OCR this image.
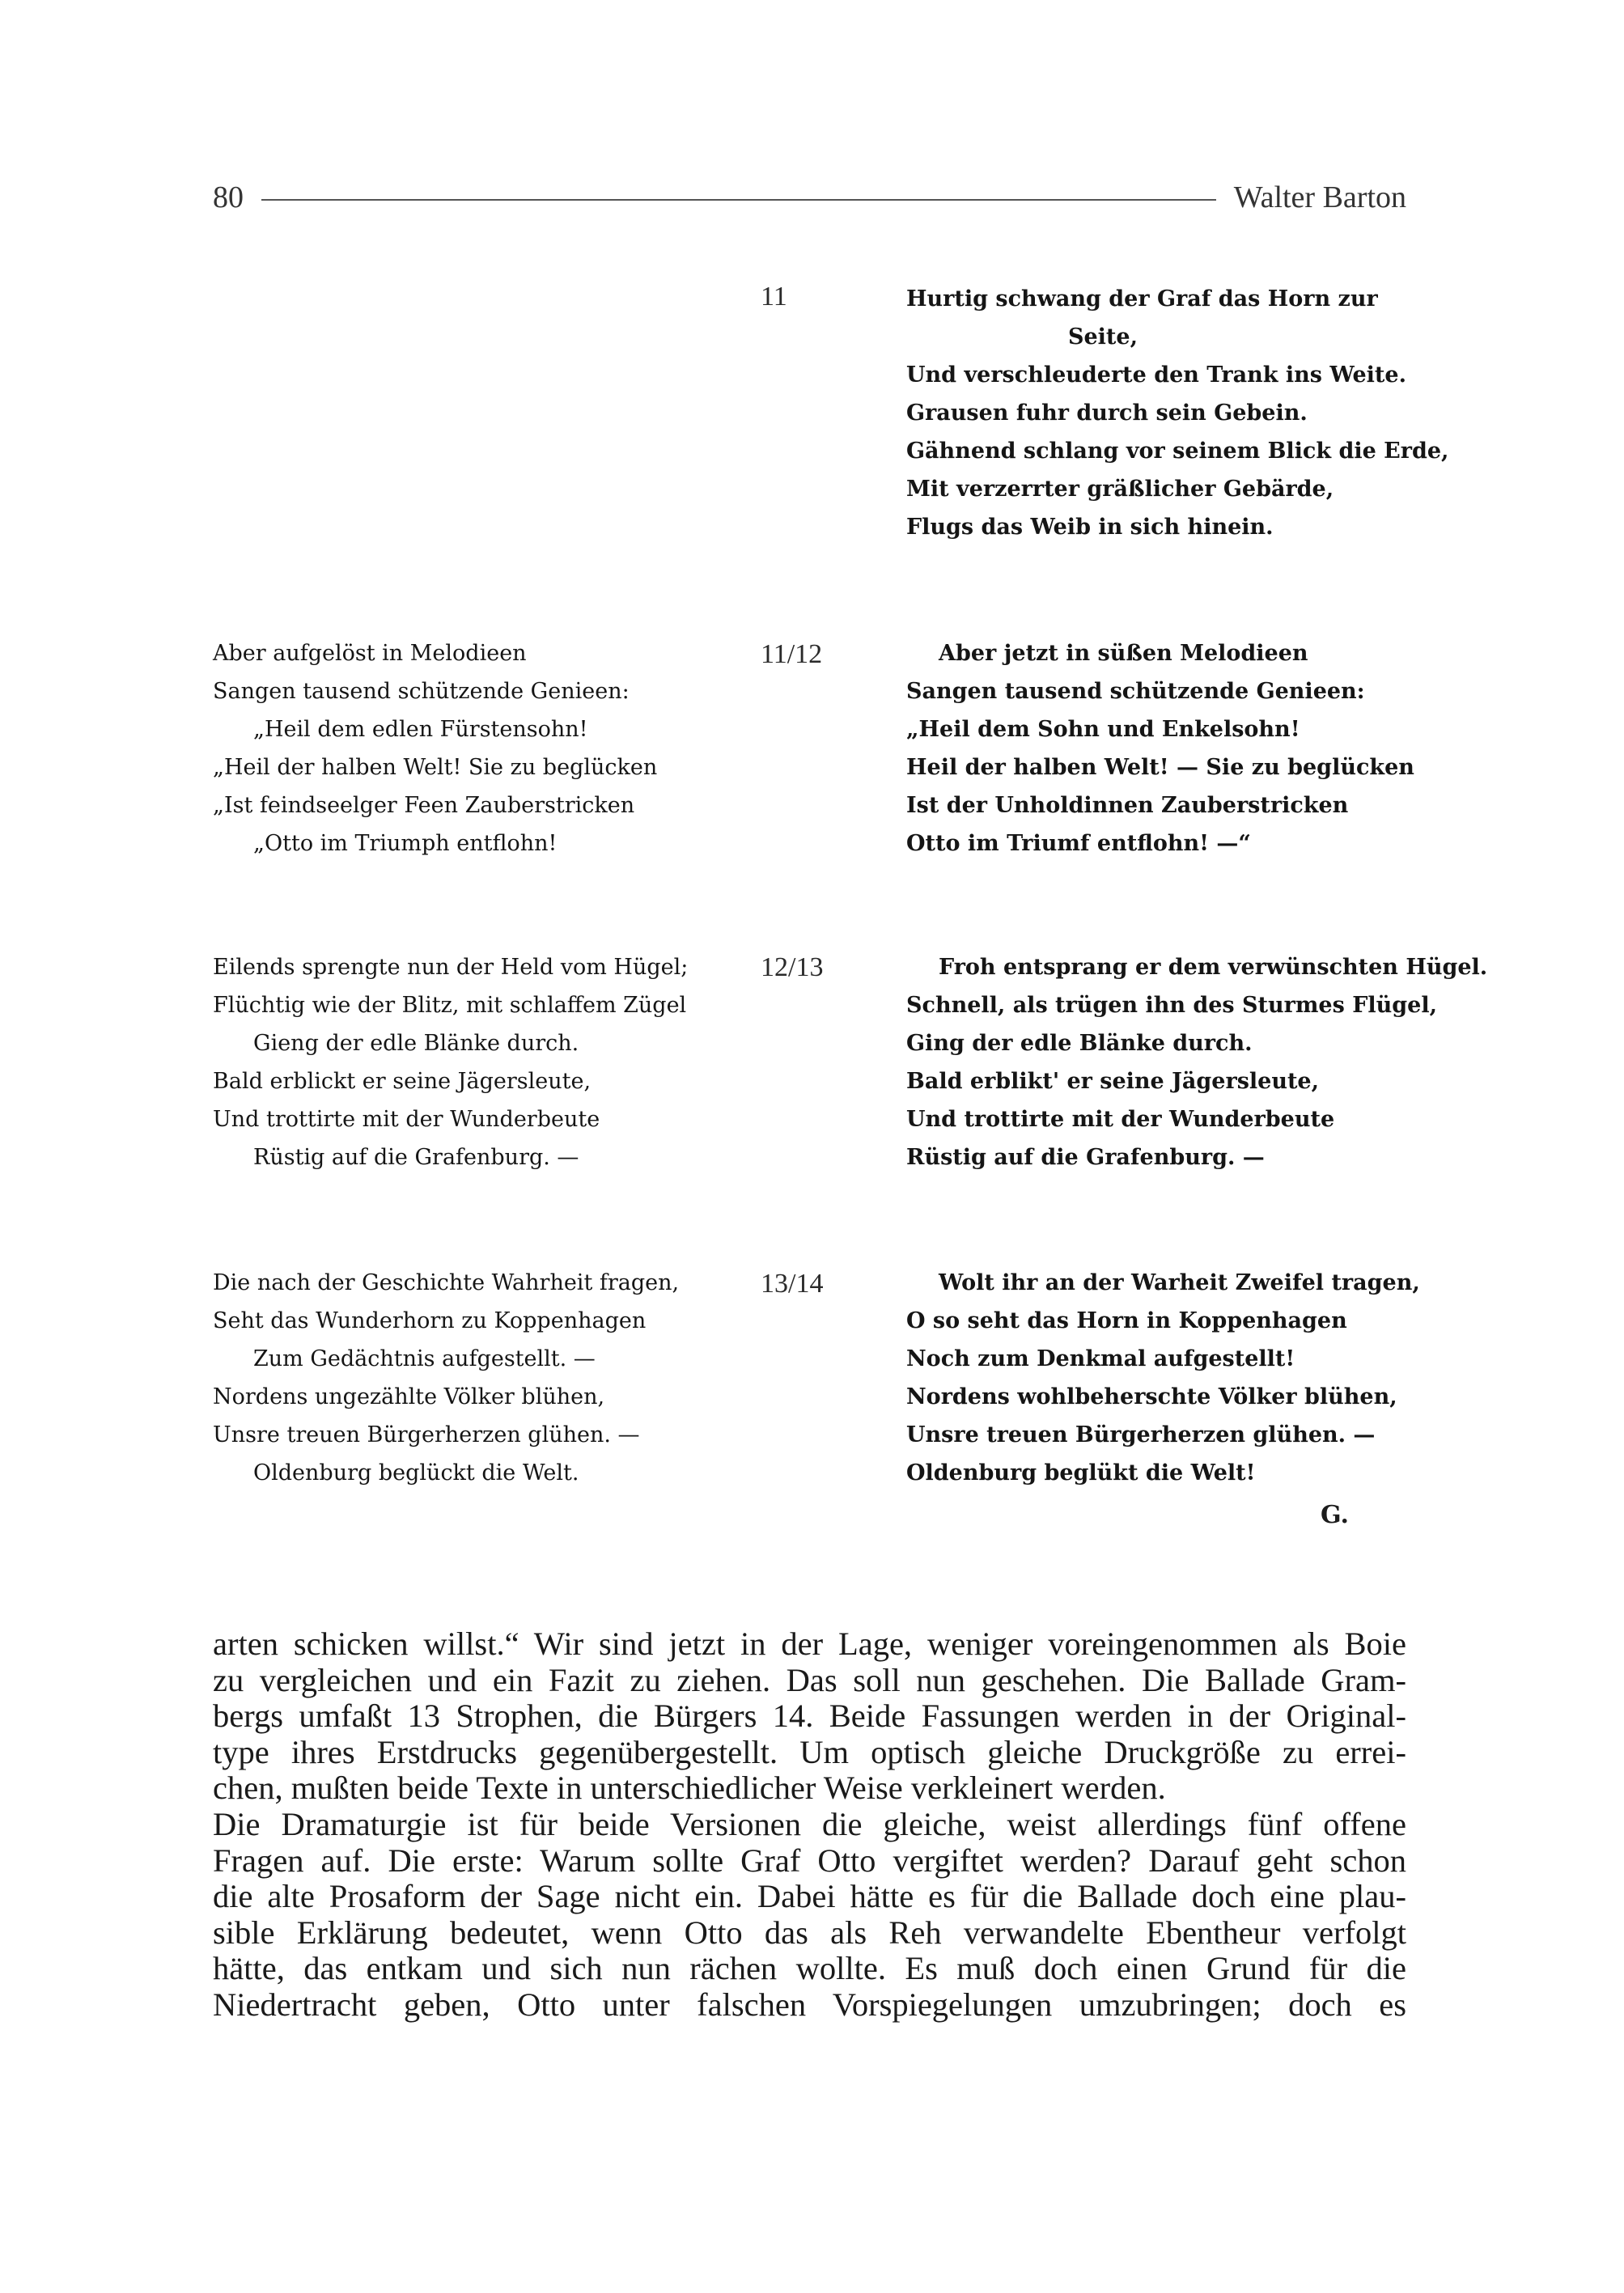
80	Walter Barton
11	Hurtig schwang der Graf das Horn zur
Seite,
Und verschleuderte den Trank ins Weite.
Grausen fuhr durch sein Gebein.
Gähnend schlang vor seinem Blick die Erde,
Mit verzerrter gräßlicher Gebärde,
Flugs das Weib in sich hinein.
11/12
Aber aufgelöst in Melodieen
Sangen tausend schützende Genieen:
„Heil dem edlen Fürstensohn!
„Heil der halben Welt! Sie zu beglücken
„Ist feindseelger Feen Zauberstricken
„Otto im Triumph entflohn!
Aber jetzt in süßen Melodieen
Sangen tausend schützende Genieen:
„Heil dem Sohn und Enkelsohn!
Heil der halben Welt! — Sie zu beglücken
Ist der Unholdinnen Zauberstricken
Otto im Triumf entflohn! —“
12/13
Eilends sprengte nun der Held vom Hügel;
Flüchtig wie der Blitz, mit schlaffem Zügel
Gieng der edle Blänke durch.
Bald erblickt er seine Jägersleute,
Und trottirte mit der Wunderbeute
Rüstig auf die Grafenburg. —
Froh entsprang er dem verwünschten Hügel.
Schnell, als trügen ihn des Sturmes Flügel,
Ging der edle Blänke durch.
Bald erblikt' er seine Jägersleute,
Und trottirte mit der Wunderbeute
Rüstig auf die Grafenburg. —
13/14
Die nach der Geschichte Wahrheit fragen,
Seht das Wunderhorn zu Koppenhagen
Zum Gedächtnis aufgestellt. —
Nordens ungezählte Völker blühen,
Unsre treuen Bürgerherzen glühen. —
Oldenburg beglückt die Welt.
Wolt ihr an der Warheit Zweifel tragen,
O so seht das Horn in Koppenhagen
Noch zum Denkmal aufgestellt!
Nordens wohlbeherschte Völker blühen,
Unsre treuen Bürgerherzen glühen. —
Oldenburg beglükt die Welt!
G.

arten schicken willst.“ Wir sind jetzt in der Lage, weniger voreingenommen als Boie
zu vergleichen und ein Fazit zu ziehen. Das soll nun geschehen. Die Ballade Gram-
bergs umfaßt 13 Strophen, die Bürgers 14. Beide Fassungen werden in der Original-
type ihres Erstdrucks gegenübergestellt. Um optisch gleiche Druckgröße zu errei-
chen, mußten beide Texte in unterschiedlicher Weise verkleinert werden.

Die Dramaturgie ist für beide Versionen die gleiche, weist allerdings fünf offene
Fragen auf. Die erste: Warum sollte Graf Otto vergiftet werden? Darauf geht schon
die alte Prosaform der Sage nicht ein. Dabei hätte es für die Ballade doch eine plau-
sible Erklärung bedeutet, wenn Otto das als Reh verwandelte Ebentheur verfolgt
hätte, das entkam und sich nun rächen wollte. Es muß doch einen Grund für die
Niedertracht geben, Otto unter falschen Vorspiegelungen umzubringen; doch es
